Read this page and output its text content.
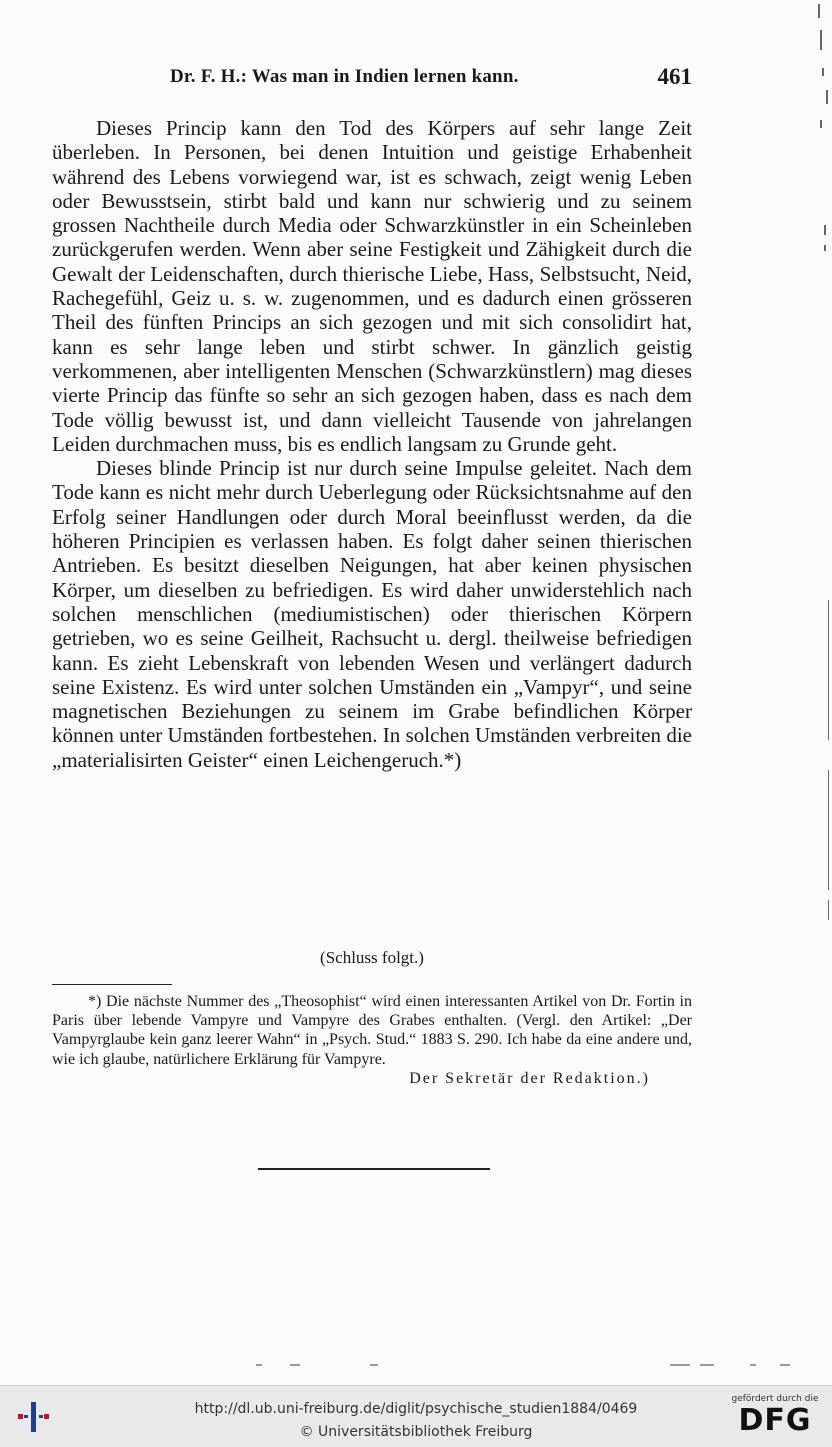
Dr. F. H.: Was man in Indien lernen kann.	461

Dieses Princip kann den Tod des Körpers auf sehr lange Zeit überleben. In Personen, bei denen Intuition und geistige Erhabenheit während des Lebens vorwiegend war, ist es schwach, zeigt wenig Leben oder Bewusstsein, stirbt bald und kann nur schwierig und zu seinem grossen Nachtheile durch Media oder Schwarzkünstler in ein Scheinleben zurückgerufen werden. Wenn aber seine Festigkeit und Zähigkeit durch die Gewalt der Leidenschaften, durch thierische Liebe, Hass, Selbstsucht, Neid, Rachegefühl, Geiz u. s. w. zugenommen, und es dadurch einen grösseren Theil des fünften Princips an sich gezogen und mit sich consolidirt hat, kann es sehr lange leben und stirbt schwer. In gänzlich geistig verkommenen, aber intelligenten Menschen (Schwarzkünstlern) mag dieses vierte Princip das fünfte so sehr an sich gezogen haben, dass es nach dem Tode völlig bewusst ist, und dann vielleicht Tausende von jahrelangen Leiden durchmachen muss, bis es endlich langsam zu Grunde geht.

Dieses blinde Princip ist nur durch seine Impulse geleitet. Nach dem Tode kann es nicht mehr durch Ueberlegung oder Rücksichtsnahme auf den Erfolg seiner Handlungen oder durch Moral beeinflusst werden, da die höheren Principien es verlassen haben. Es folgt daher seinen thierischen Antrieben. Es besitzt dieselben Neigungen, hat aber keinen physischen Körper, um dieselben zu befriedigen. Es wird daher unwiderstehlich nach solchen menschlichen (mediumistischen) oder thierischen Körpern getrieben, wo es seine Geilheit, Rachsucht u. dergl. theilweise befriedigen kann. Es zieht Lebenskraft von lebenden Wesen und verlängert dadurch seine Existenz. Es wird unter solchen Umständen ein „Vampyr“, und seine magnetischen Beziehungen zu seinem im Grabe befindlichen Körper können unter Umständen fortbestehen. In solchen Umständen verbreiten die „materialisirten Geister“ einen Leichengeruch.*)

(Schluss folgt.)

*) Die nächste Nummer des „Theosophist“ wird einen interessanten Artikel von Dr. Fortin in Paris über lebende Vampyre und Vampyre des Grabes enthalten. (Vergl. den Artikel: „Der Vampyrglaube kein ganz leerer Wahn“ in „Psych. Stud.“ 1883 S. 290. Ich habe da eine andere und, wie ich glaube, natürlichere Erklärung für Vampyre.

Der Sekretär der Redaktion.)

http://dl.ub.uni-freiburg.de/diglit/psychische_studien1884/0469
© Universitätsbibliothek Freiburg
gefördert durch die
DFG
